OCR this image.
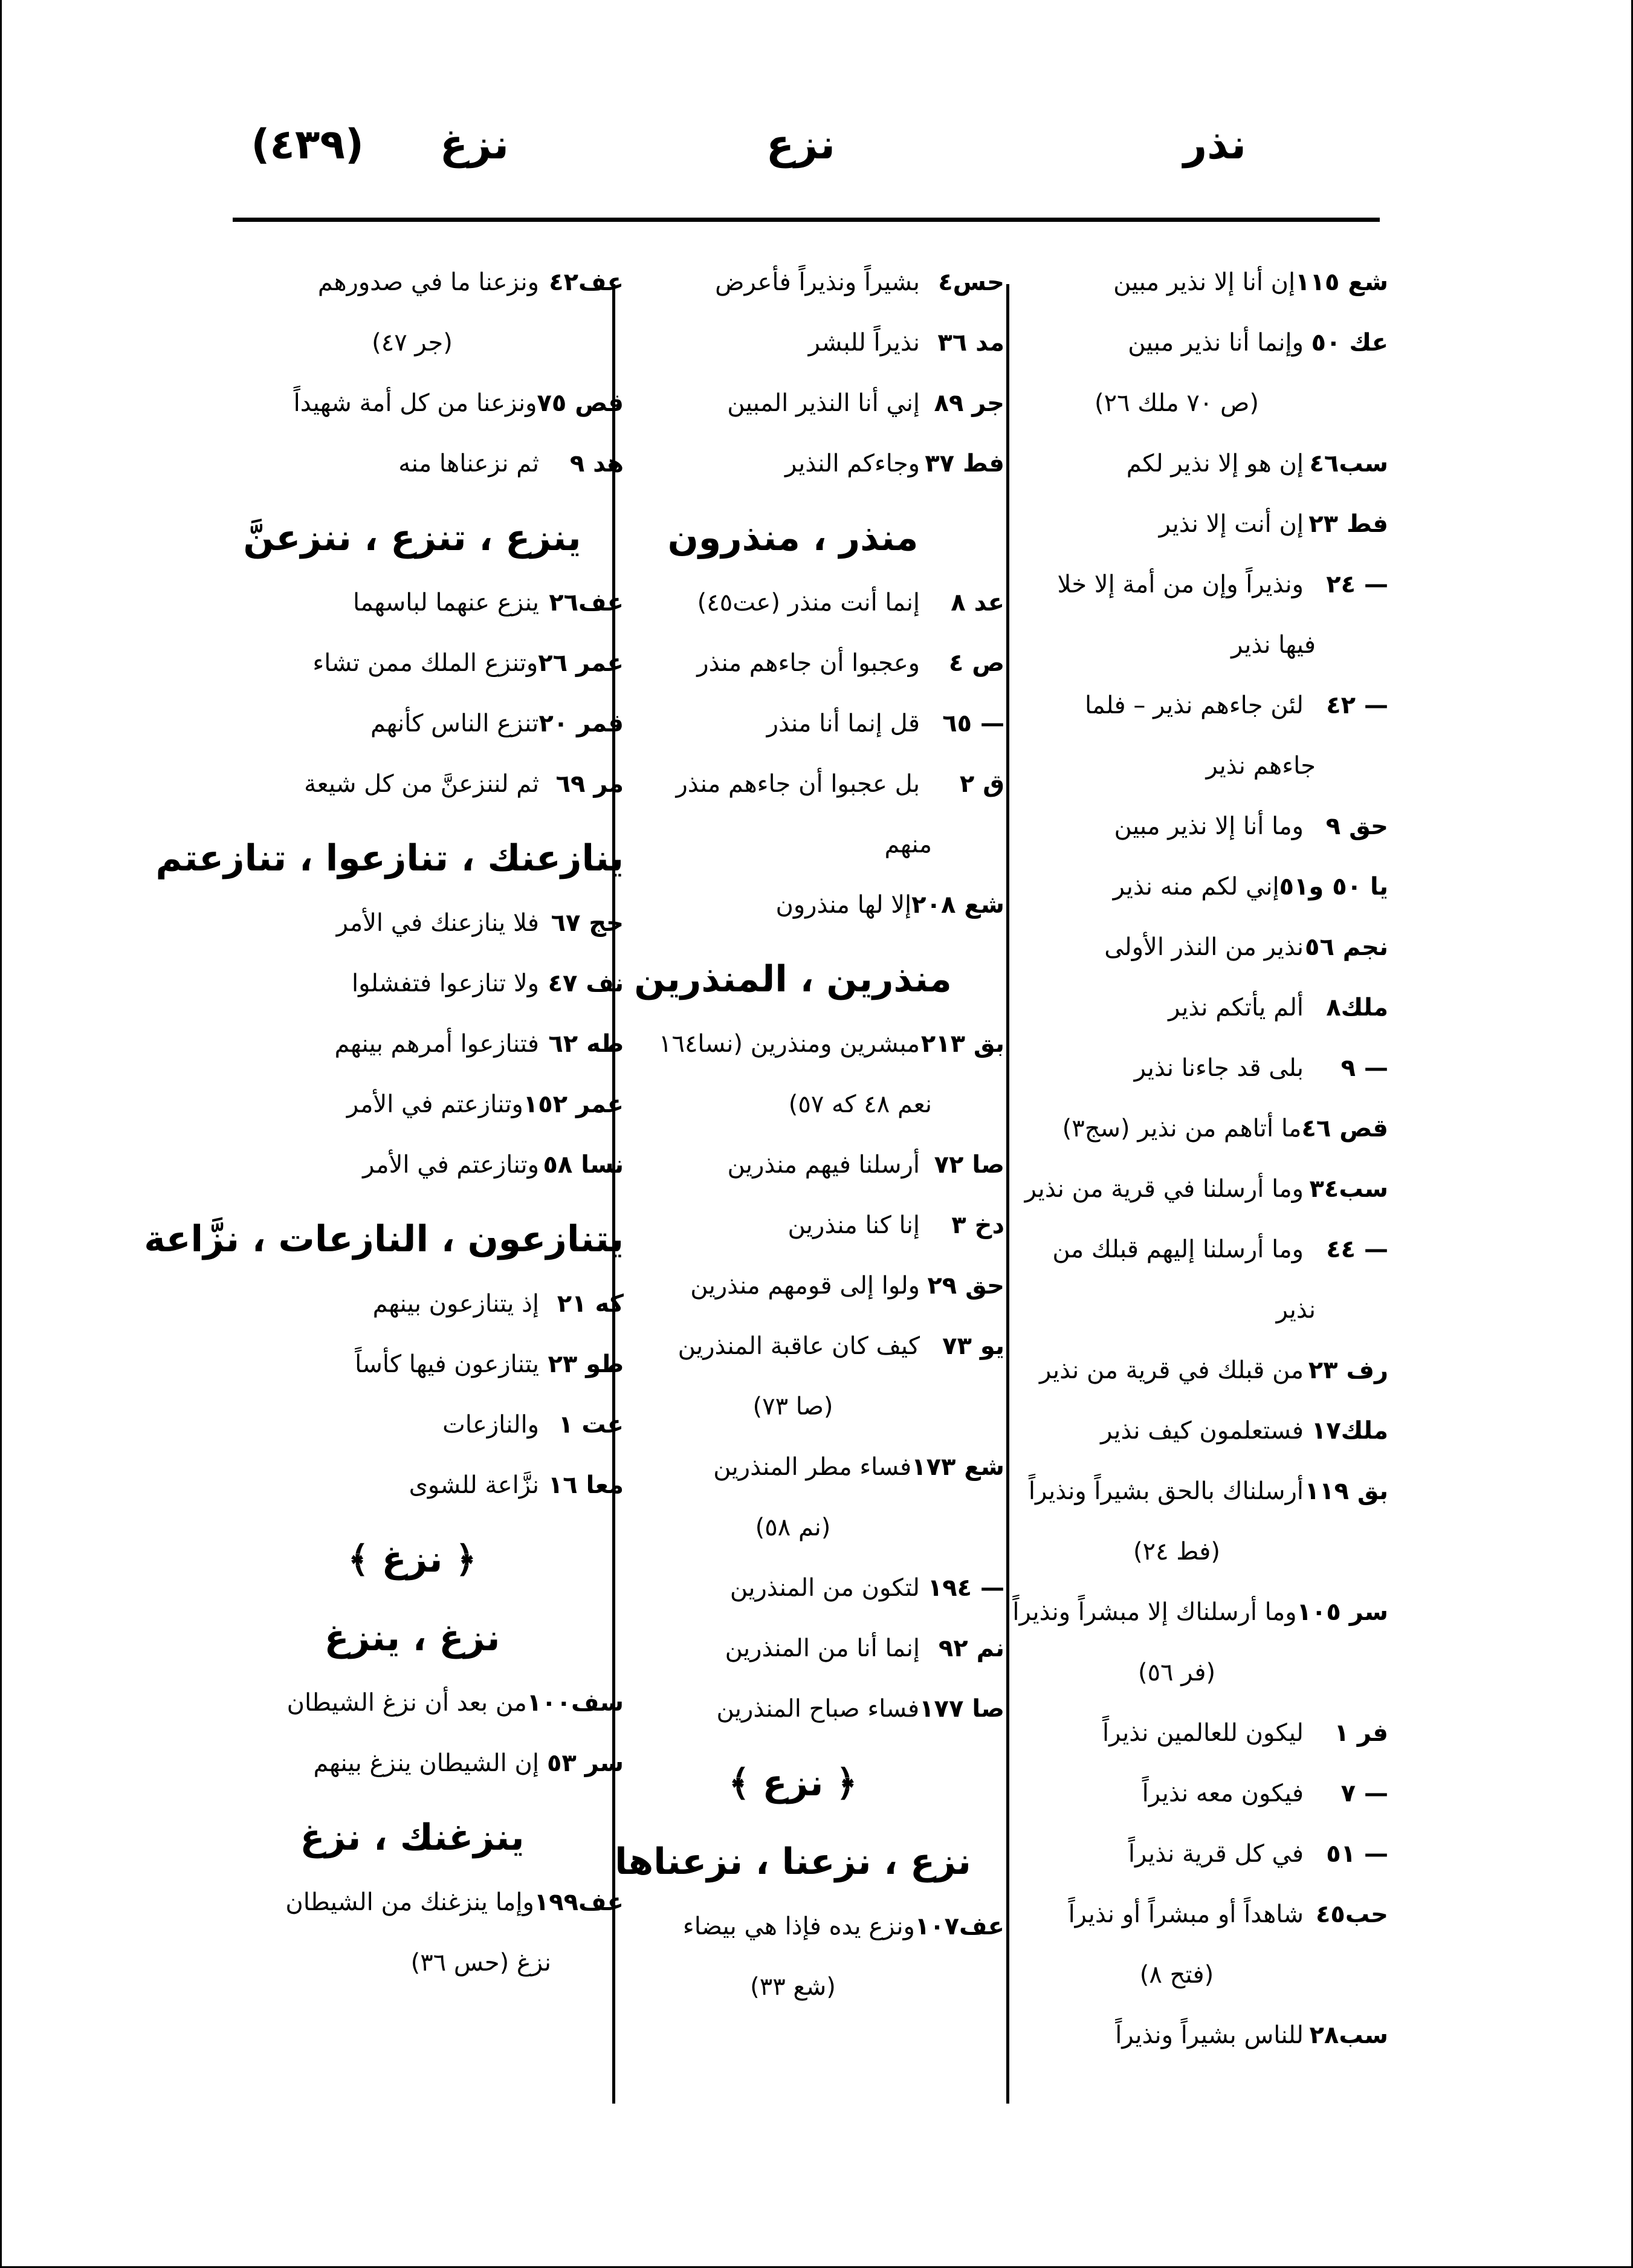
نذر
نزع
نزغ
(٤٣٩)
شع ١١٥إن أنا إلا نذير مبين
عك ٥٠وإنما أنا نذير مبين
(ص ٧٠ ملك ٢٦)
سب٤٦إن هو إلا نذير لكم
فط ٢٣إن أنت إلا نذير
— ٢٤ونذيراً وإن من أمة إلا خلا
فيها نذير
— ٤٢لئن جاءهم نذير – فلما
جاءهم نذير
حق ٩وما أنا إلا نذير مبين
يا ٥٠ و٥١إني لكم منه نذير
نجم ٥٦نذير من النذر الأولى
ملك٨ألم يأتكم نذير
— ٩بلى قد جاءنا نذير
قص ٤٦ما أتاهم من نذير (سج٣)
سب٣٤وما أرسلنا في قرية من نذير
— ٤٤وما أرسلنا إليهم قبلك من
نذير
رف ٢٣من قبلك في قرية من نذير
ملك١٧فستعلمون كيف نذير
بق ١١٩أرسلناك بالحق بشيراً ونذيراً
(فط ٢٤)
سر ١٠٥وما أرسلناك إلا مبشراً ونذيراً
(فر ٥٦)
فر ١ليكون للعالمين نذيراً
— ٧فيكون معه نذيراً
— ٥١في كل قرية نذيراً
حب٤٥شاهداً أو مبشراً أو نذيراً
(فتح ٨)
سب٢٨للناس بشيراً ونذيراً
حس٤بشيراً ونذيراً فأعرض
مد ٣٦نذيراً للبشر
جر ٨٩إني أنا النذير المبين
فط ٣٧وجاءكم النذير
منذر ، منذرون
عد ٨إنما أنت منذر (عت٤٥)
ص ٤وعجبوا أن جاءهم منذر
— ٦٥قل إنما أنا منذر
ق ٢بل عجبوا أن جاءهم منذر
منهم
شع ٢٠٨إلا لها منذرون
منذرين ، المنذرين
بق ٢١٣مبشرين ومنذرين (نسا١٦٤
نعم ٤٨ كه ٥٧)
صا ٧٢أرسلنا فيهم منذرين
دخ ٣إنا كنا منذرين
حق ٢٩ولوا إلى قومهم منذرين
يو ٧٣كيف كان عاقبة المنذرين
(صا ٧٣)
شع ١٧٣فساء مطر المنذرين
(نم ٥٨)
— ١٩٤لتكون من المنذرين
نم ٩٢إنما أنا من المنذرين
صا ١٧٧فساء صباح المنذرين
﴿ نزع ﴾
نزع ، نزعنا ، نزعناها
عف١٠٧ونزع يده فإذا هي بيضاء
(شع ٣٣)
عف٤٢ونزعنا ما في صدورهم
(جر ٤٧)
قص ٧٥ونزعنا من كل أمة شهيداً
هد ٩ثم نزعناها منه
ينزع ، تنزع ، ننزعنَّ
عف٢٦ينزع عنهما لباسهما
عمر ٢٦وتنزع الملك ممن تشاء
قمر ٢٠تنزع الناس كأنهم
مر ٦٩ثم لننزعنَّ من كل شيعة
ينازعنك ، تنازعوا ، تنازعتم
حج ٦٧فلا ينازعنك في الأمر
نف ٤٧ولا تنازعوا فتفشلوا
طه ٦٢فتنازعوا أمرهم بينهم
عمر ١٥٢وتنازعتم في الأمر
نسا ٥٨وتنازعتم في الأمر
يتنازعون ، النازعات ، نزَّاعة
كه ٢١إذ يتنازعون بينهم
طو ٢٣يتنازعون فيها كأساً
عت ١والنازعات
معا ١٦نزَّاعة للشوى
﴿ نزغ ﴾
نزغ ، ينزغ
سف١٠٠من بعد أن نزغ الشيطان
سر ٥٣إن الشيطان ينزغ بينهم
ينزغنك ، نزغ
عف١٩٩وإما ينزغنك من الشيطان
نزغ (حس ٣٦)
